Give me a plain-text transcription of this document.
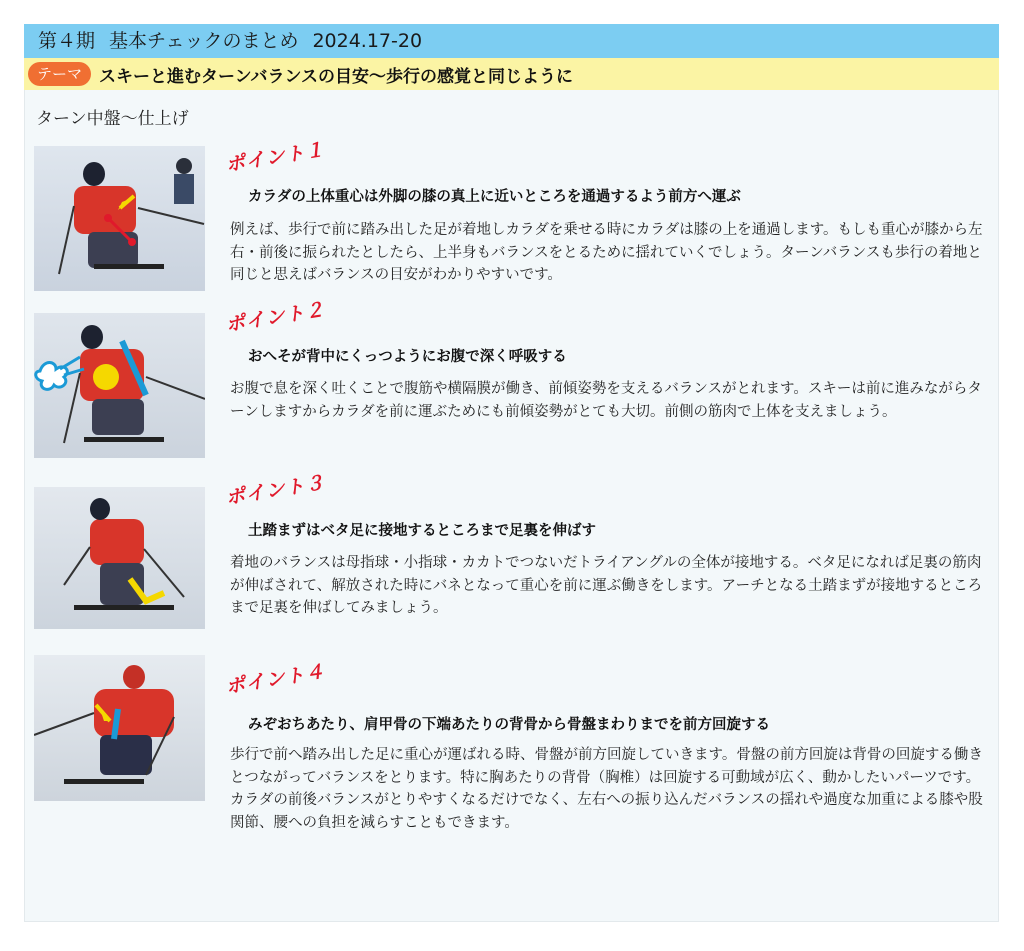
第４期 基本チェックのまとめ 2024.17-20
テーマ	スキーと進むターンバランスの目安〜歩行の感覚と同じように
ターン中盤〜仕上げ
ポイント１
カラダの上体重心は外脚の膝の真上に近いところを通過するよう前方へ運ぶ

例えば、歩行で前に踏み出した足が着地しカラダを乗せる時にカラダは膝の上を通過します。もしも重心が膝から左右・前後に振られたとしたら、上半身もバランスをとるために揺れていくでしょう。ターンバランスも歩行の着地と同じと思えばバランスの目安がわかりやすいです。

ポイント２
おへそが背中にくっつようにお腹で深く呼吸する

お腹で息を深く吐くことで腹筋や横隔膜が働き、前傾姿勢を支えるバランスがとれます。スキーは前に進みながらターンしますからカラダを前に運ぶためにも前傾姿勢がとても大切。前側の筋肉で上体を支えましょう。

ポイント３
土踏まずはベタ足に接地するところまで足裏を伸ばす

着地のバランスは母指球・小指球・カカトでつないだトライアングルの全体が接地する。ベタ足になれば足裏の筋肉が伸ばされて、解放された時にバネとなって重心を前に運ぶ働きをします。アーチとなる土踏まずが接地するところまで足裏を伸ばしてみましょう。

ポイント４
みぞおちあたり、肩甲骨の下端あたりの背骨から骨盤まわりまでを前方回旋する

歩行で前へ踏み出した足に重心が運ばれる時、骨盤が前方回旋していきます。骨盤の前方回旋は背骨の回旋する働きとつながってバランスをとります。特に胸あたりの背骨（胸椎）は回旋する可動域が広く、動かしたいパーツです。カラダの前後バランスがとりやすくなるだけでなく、左右への振り込んだバランスの揺れや過度な加重による膝や股関節、腰への負担を減らすこともできます。
